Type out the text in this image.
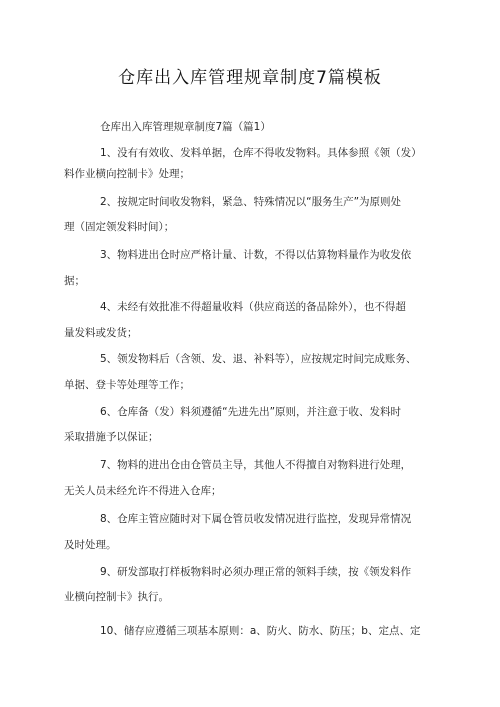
仓库出入库管理规章制度7篇模板
仓库出入库管理规章制度7篇（篇1）
1、没有有效收、发料单据，仓库不得收发物料。具体参照《领（发）
料作业横向控制卡》处理；
2、按规定时间收发物料，紧急、特殊情况以“服务生产”为原则处
理（固定领发料时间）；
3、物料进出仓时应严格计量、计数，不得以估算物料量作为收发依
据；
4、未经有效批准不得超量收料（供应商送的备品除外），也不得超
量发料或发货；
5、领发物料后（含领、发、退、补料等），应按规定时间完成账务、
单据、登卡等处理等工作；
6、仓库备（发）料须遵循“先进先出”原则，并注意于收、发料时
采取措施予以保证；
7、物料的进出仓由仓管员主导，其他人不得擅自对物料进行处理，
无关人员未经允许不得进入仓库；
8、仓库主管应随时对下属仓管员收发情况进行监控，发现异常情况
及时处理。
9、研发部取打样板物料时必须办理正常的领料手续，按《领发料作
业横向控制卡》执行。
10、储存应遵循三项基本原则：a、防火、防水、防压；b、定点、定
